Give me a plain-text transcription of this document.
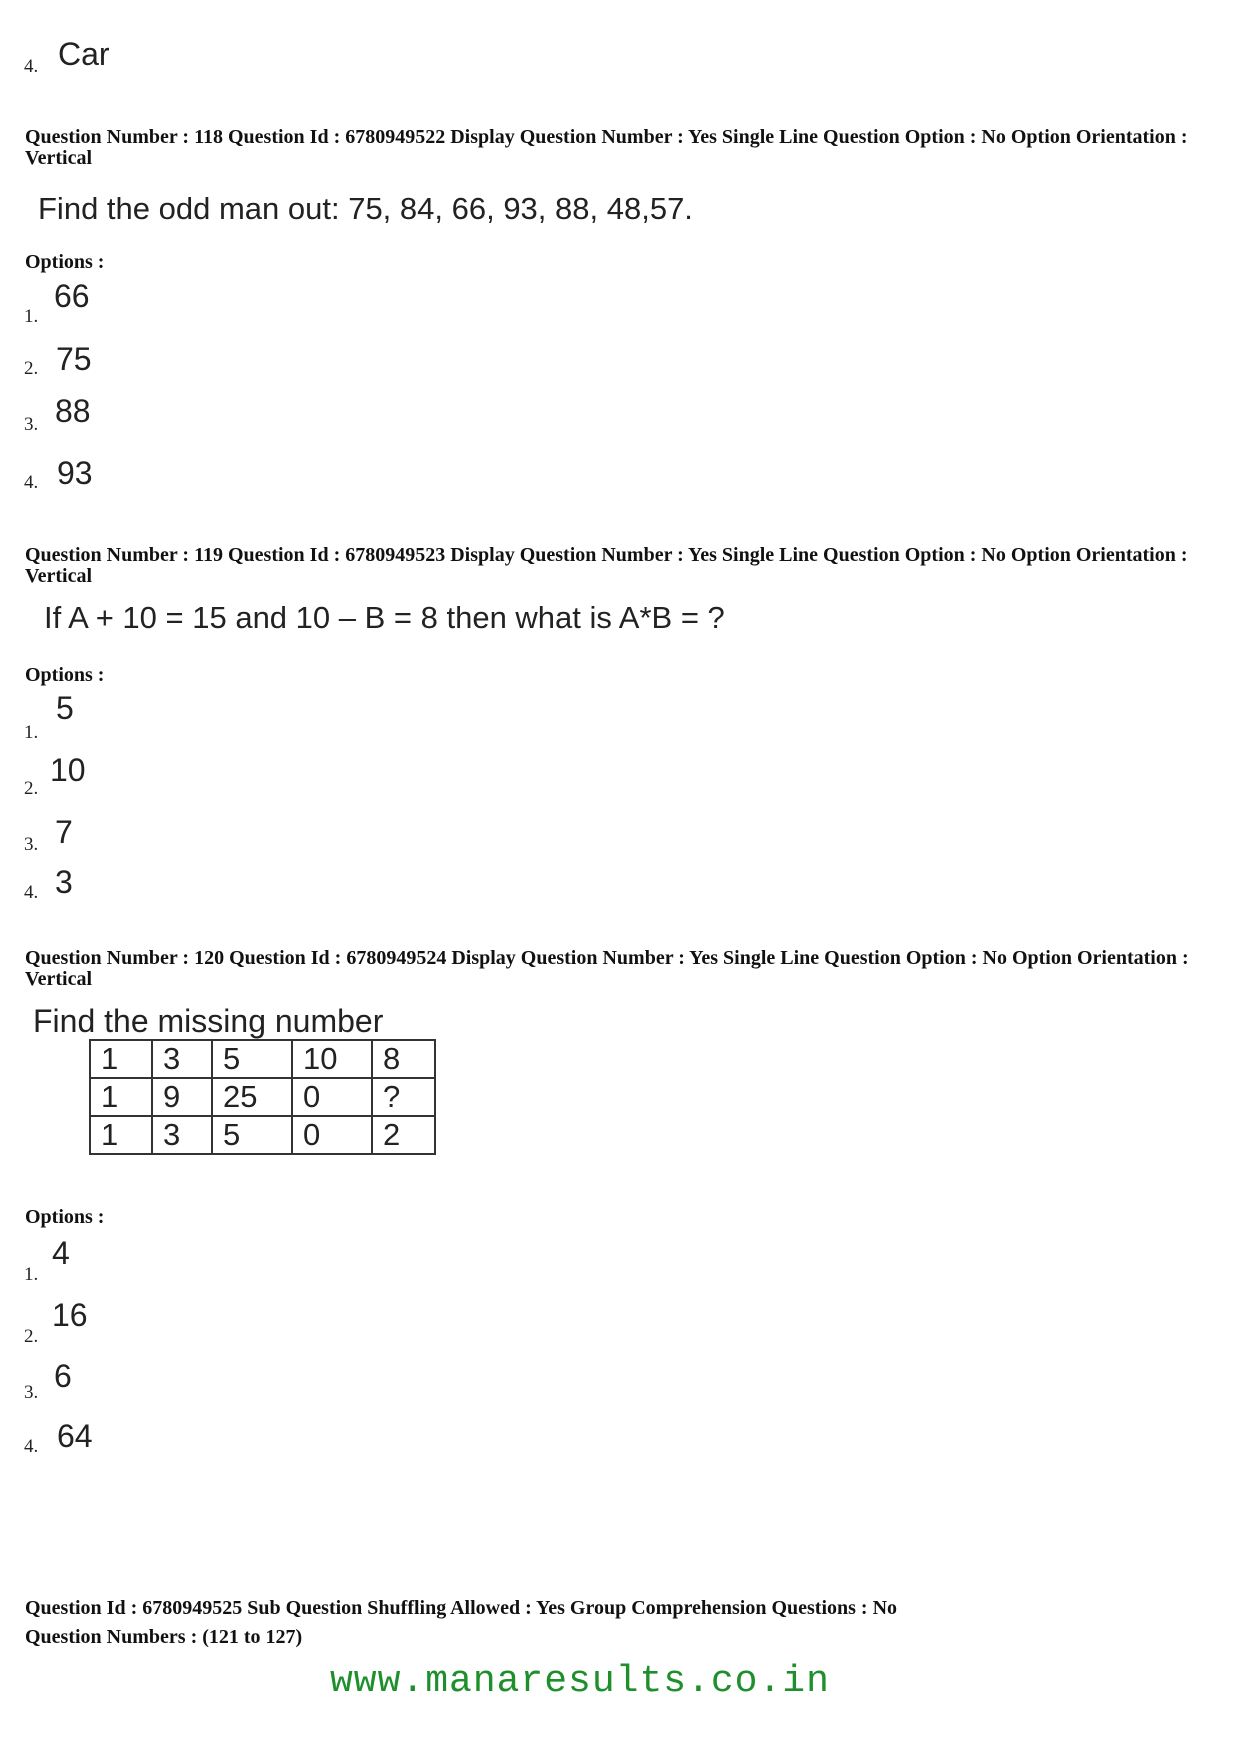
4. Car
Question Number : 118 Question Id : 6780949522 Display Question Number : Yes Single Line Question Option : No Option Orientation : Vertical
Find the odd man out: 75, 84, 66, 93, 88, 48,57.
Options :
1.
66
2. 75
3. 88
4. 93
Question Number : 119 Question Id : 6780949523 Display Question Number : Yes Single Line Question Option : No Option Orientation : Vertical
If A + 10 = 15 and 10 – B = 8 then what is A*B = ?
Options :
1.
5
2.
10
3. 7
4. 3
Question Number : 120 Question Id : 6780949524 Display Question Number : Yes Single Line Question Option : No Option Orientation : Vertical
Find the missing number
1	3	5	10	8
1	9	25	0	?
1	3	5	0	2
Options :
1.
4
2.
16
3. 6
4. 64
Question Id : 6780949525 Sub Question Shuffling Allowed : Yes Group Comprehension Questions : No
Question Numbers : (121 to 127)
www.manaresults.co.in
